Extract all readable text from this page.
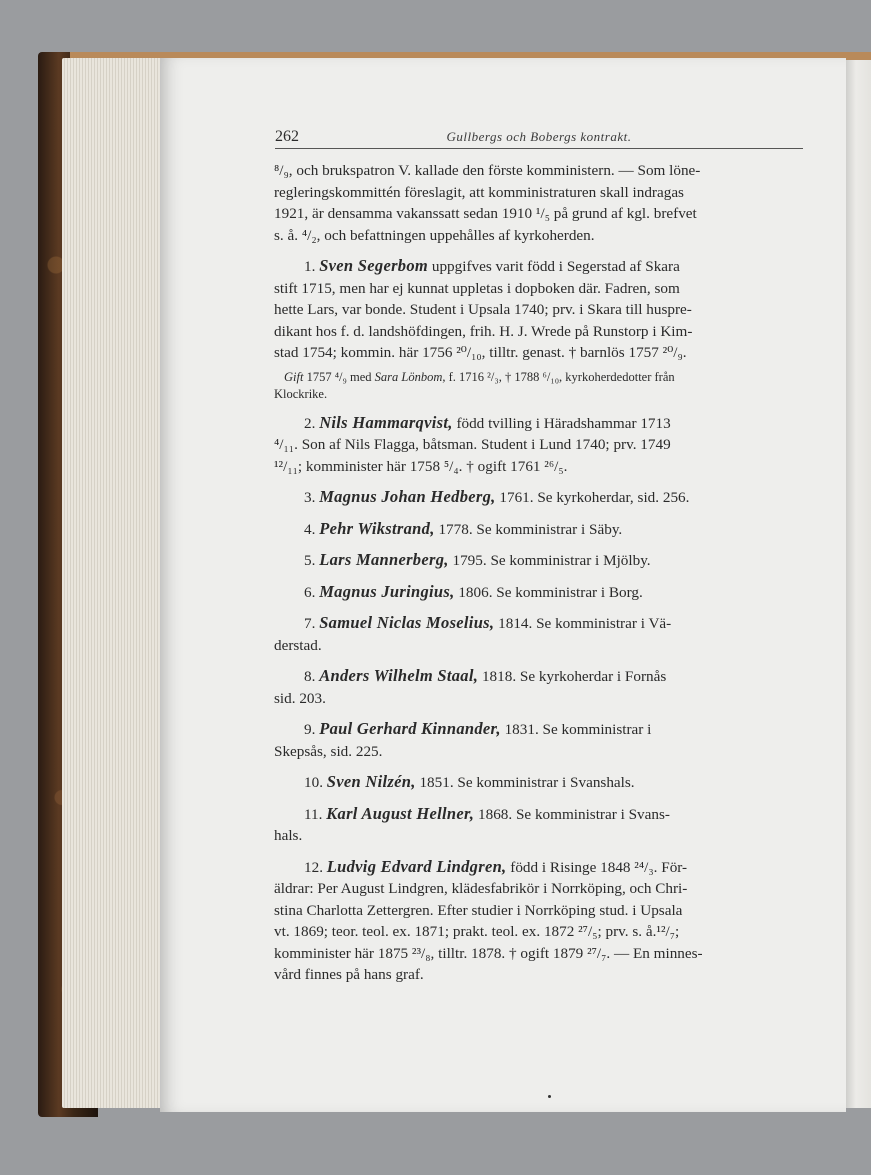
262	Gullbergs och Bobergs kontrakt.

⁸/₉, och brukspatron V. kallade den förste komministern. — Som löne-
regleringskommittén föreslagit, att komministraturen skall indragas
1921, är densamma vakanssatt sedan 1910 ¹/₅ på grund af kgl. brefvet
s. å. ⁴/₂, och befattningen uppehålles af kyrkoherden.

1. Sven Segerbom uppgifves varit född i Segerstad af Skara
stift 1715, men har ej kunnat uppletas i dopboken där. Fadren, som
hette Lars, var bonde. Student i Upsala 1740; prv. i Skara till huspre-
dikant hos f. d. landshöfdingen, frih. H. J. Wrede på Runstorp i Kim-
stad 1754; kommin. här 1756 ²⁰/₁₀, tilltr. genast. † barnlös 1757 ²⁰/₉.

Gift 1757 ⁴/₉ med Sara Lönbom, f. 1716 ²/₃, † 1788 ⁶/₁₀, kyrkoherdedotter från
Klockrike.

2. Nils Hammarqvist, född tvilling i Häradshammar 1713
⁴/₁₁. Son af Nils Flagga, båtsman. Student i Lund 1740; prv. 1749
¹²/₁₁; komminister här 1758 ⁵/₄. † ogift 1761 ²⁶/₅.

3. Magnus Johan Hedberg, 1761. Se kyrkoherdar, sid. 256.

4. Pehr Wikstrand, 1778. Se komministrar i Säby.

5. Lars Mannerberg, 1795. Se komministrar i Mjölby.

6. Magnus Juringius, 1806. Se komministrar i Borg.

7. Samuel Niclas Moselius, 1814. Se komministrar i Vä-
derstad.

8. Anders Wilhelm Staal, 1818. Se kyrkoherdar i Fornås
sid. 203.

9. Paul Gerhard Kinnander, 1831. Se komministrar i
Skepsås, sid. 225.

10. Sven Nilzén, 1851. Se komministrar i Svanshals.

11. Karl August Hellner, 1868. Se komministrar i Svans-
hals.

12. Ludvig Edvard Lindgren, född i Risinge 1848 ²⁴/₃. För-
äldrar: Per August Lindgren, klädesfabrikör i Norrköping, och Chri-
stina Charlotta Zettergren. Efter studier i Norrköping stud. i Upsala
vt. 1869; teor. teol. ex. 1871; prakt. teol. ex. 1872 ²⁷/₅; prv. s. å.¹²/₇;
komminister här 1875 ²³/₈, tilltr. 1878. † ogift 1879 ²⁷/₇. — En minnes-
vård finnes på hans graf.
